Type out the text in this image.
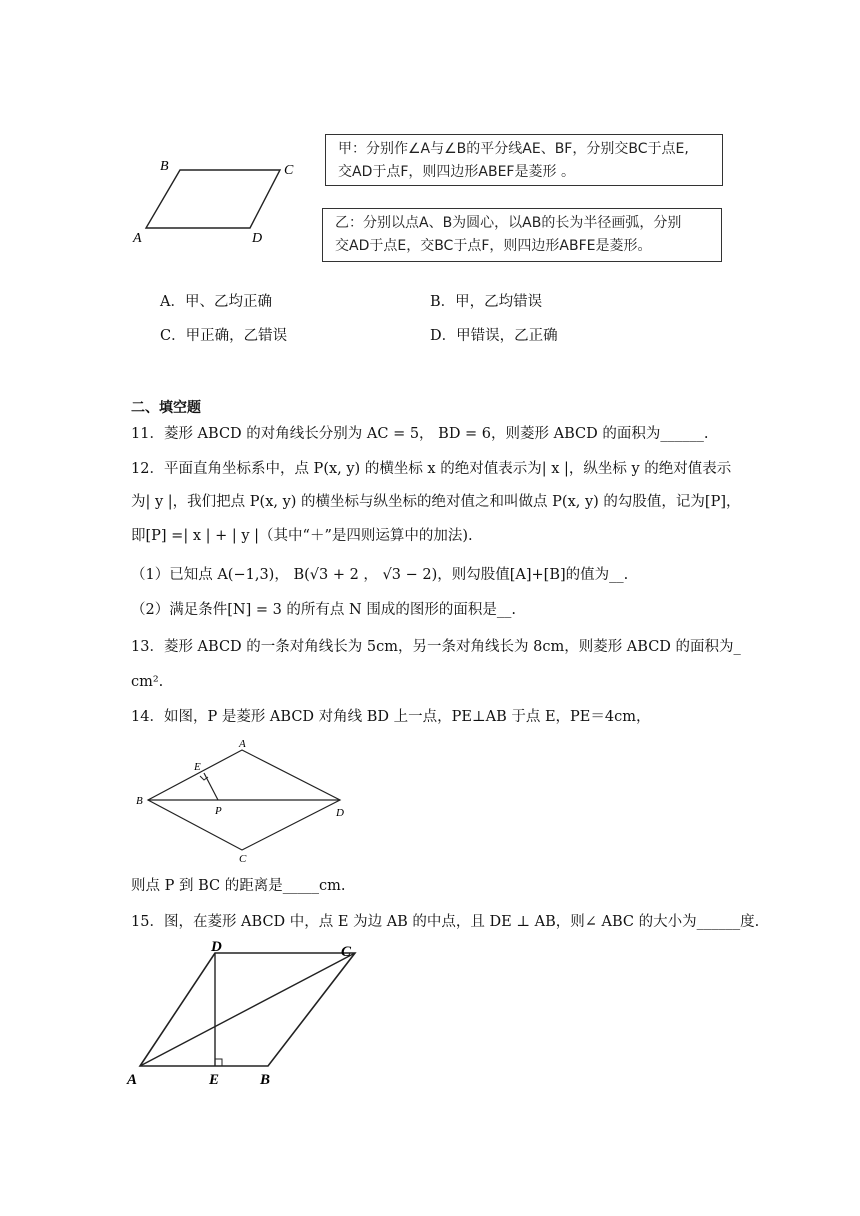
B	C
A	D
甲：分别作∠A与∠B的平分线AE、BF，分别交BC于点E,
交AD于点F，则四边形ABEF是菱形 。
乙：分别以点A、B为圆心，以AB的长为半径画弧，分别
交AD于点E，交BC于点F，则四边形ABFE是菱形。
A．甲、乙均正确	B．甲，乙均错误
C．甲正确，乙错误	D．甲错误，乙正确
二、填空题
11．菱形 ABCD 的对角线长分别为 AC = 5， BD = 6，则菱形 ABCD 的面积为______.
12．平面直角坐标系中，点 P(x, y) 的横坐标 x 的绝对值表示为| x |，纵坐标 y 的绝对值表示
为| y |，我们把点 P(x, y) 的横坐标与纵坐标的绝对值之和叫做点 P(x, y) 的勾股值，记为[P]，
即[P] =| x | + | y |（其中“＋”是四则运算中的加法).
（1）已知点 A(−1,3)， B(√3 + 2 ， √3 − 2)，则勾股值[A]+[B]的值为__.
（2）满足条件[N] = 3 的所有点 N 围成的图形的面积是__.
13．菱形 ABCD 的一条对角线长为 5cm，另一条对角线长为 8cm，则菱形 ABCD 的面积为_
cm².
14．如图，P 是菱形 ABCD 对角线 BD 上一点，PE⊥AB 于点 E，PE＝4cm，
A
E
B
P	D
C
则点 P 到 BC 的距离是_____cm.
15．图，在菱形 ABCD 中，点 E 为边 AB 的中点，且 DE ⊥ AB，则∠ ABC 的大小为______度.
D	C
A	E	B
